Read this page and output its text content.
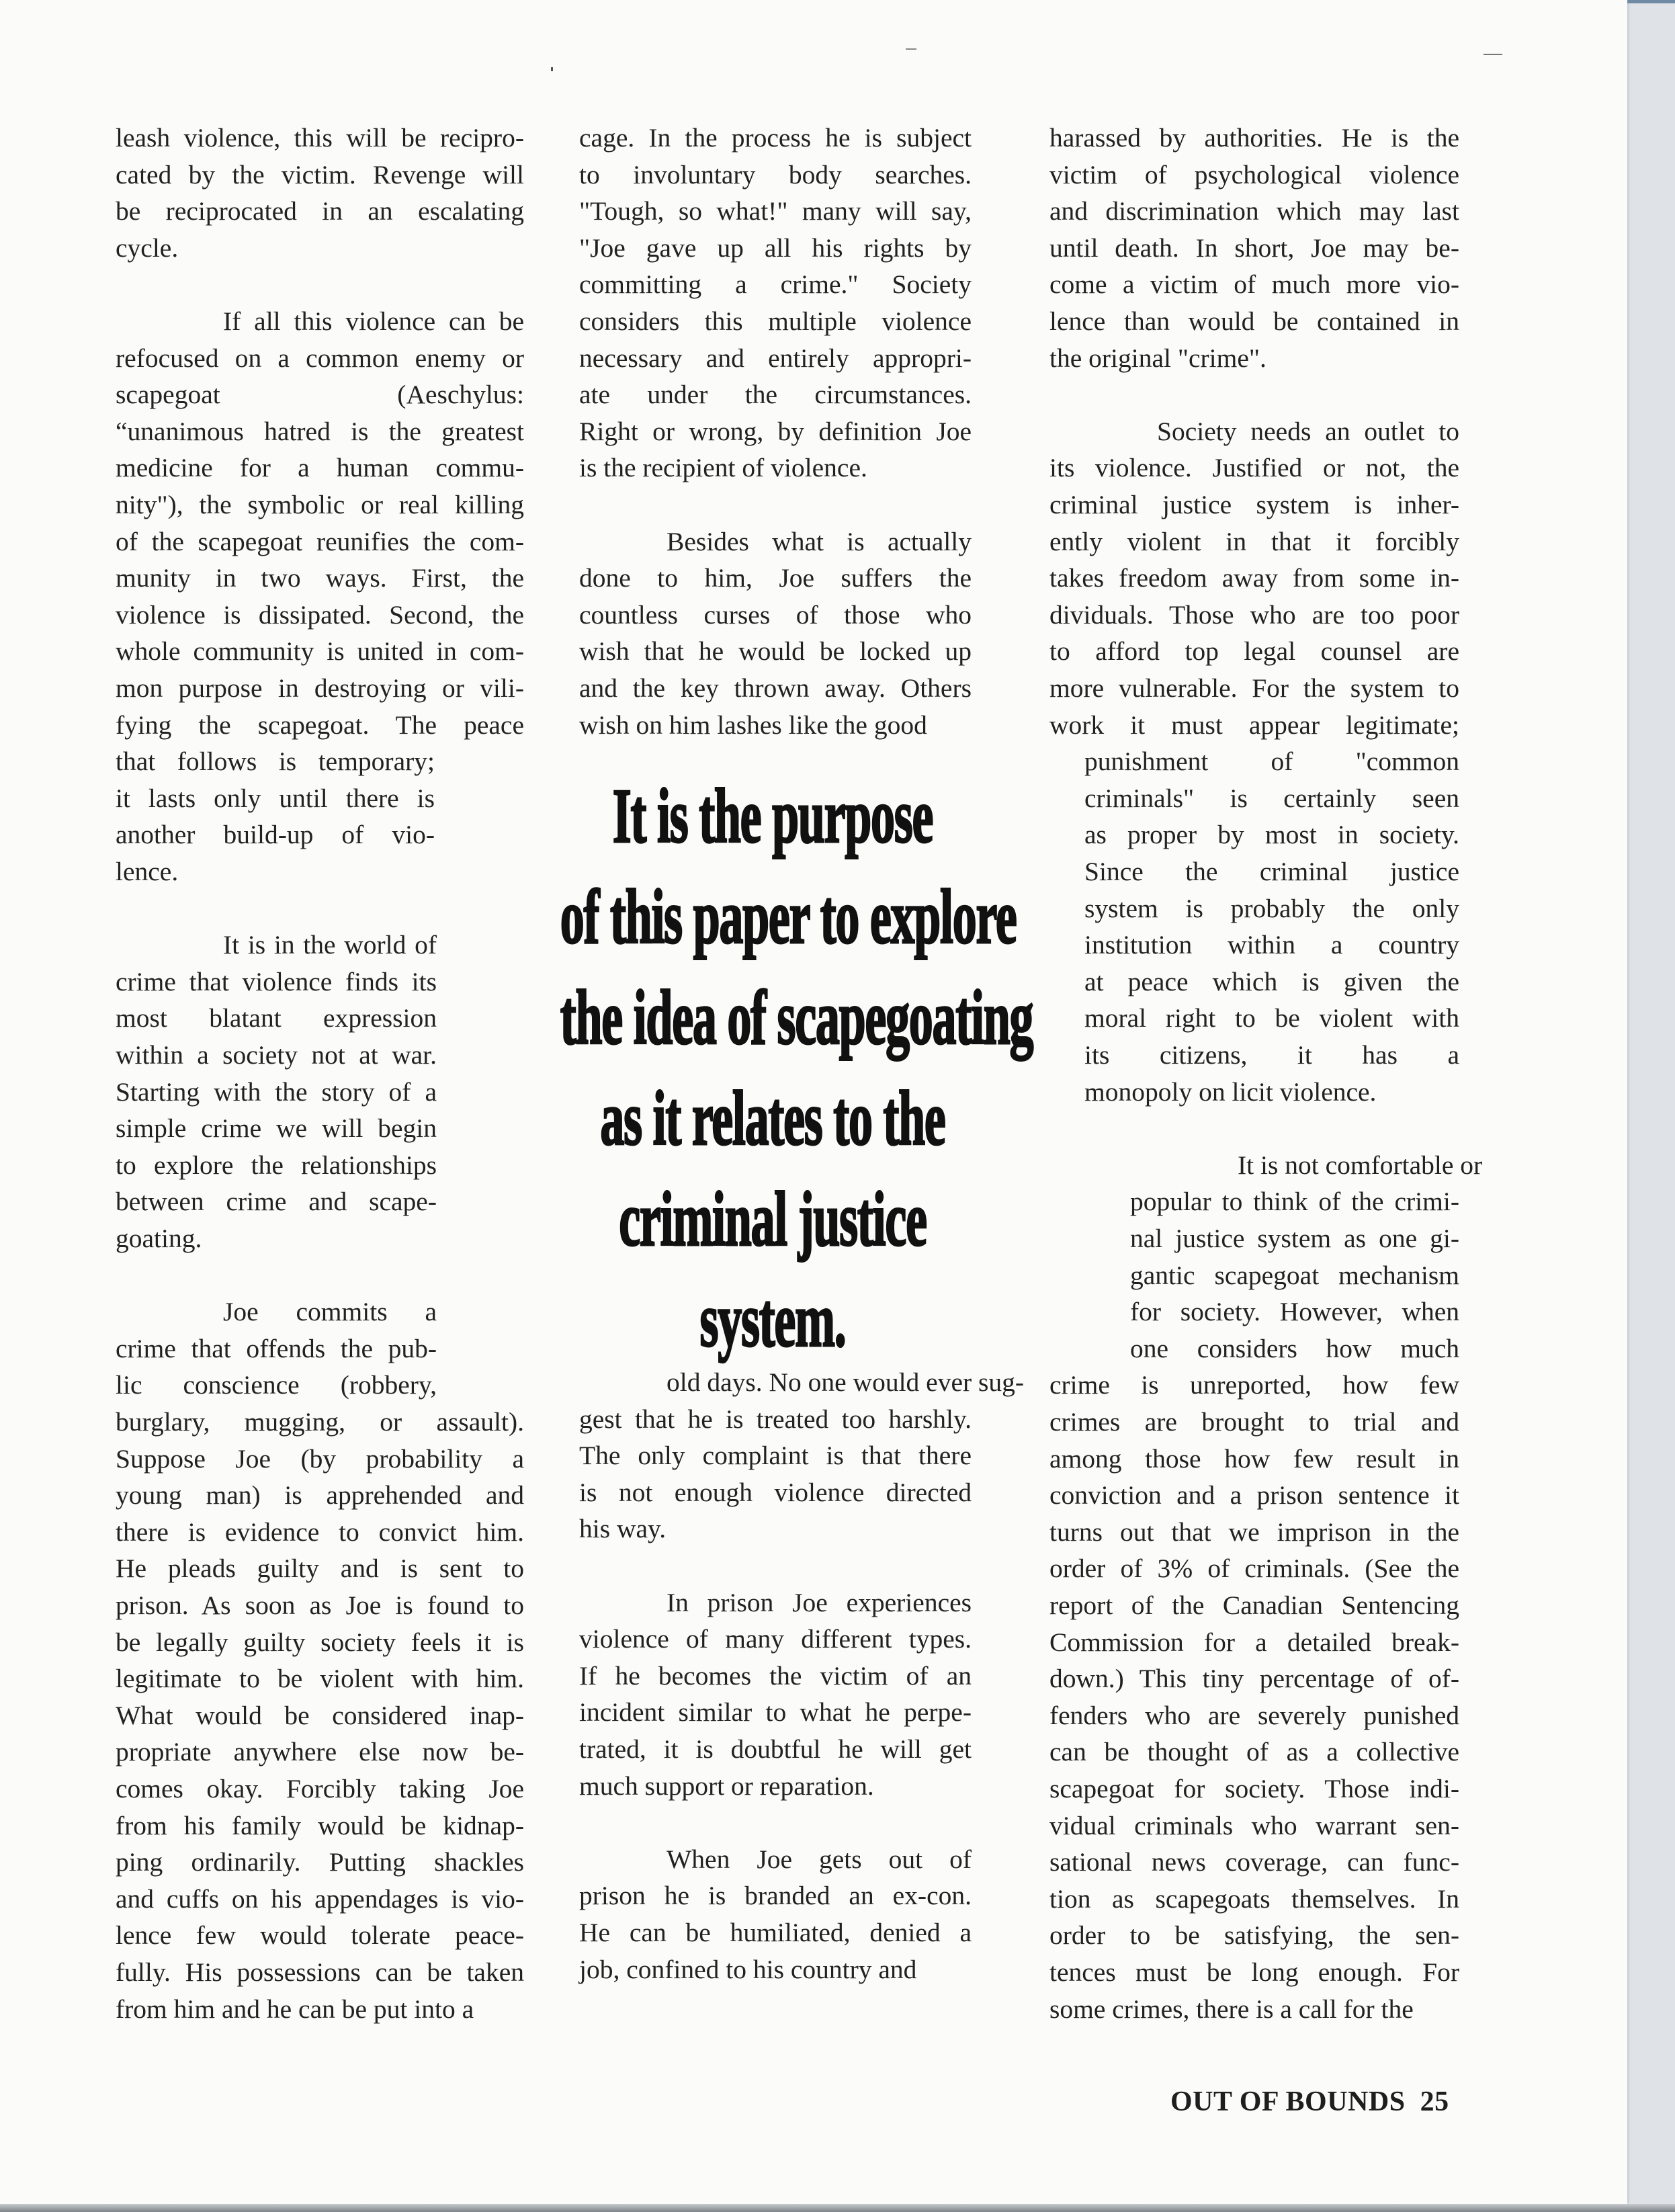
leash violence, this will be recipro-
cated by the victim. Revenge will
be reciprocated in an escalating
cycle.
If all this violence can be
refocused on a common enemy or
scapegoat (Aeschylus:
“unanimous hatred is the greatest
medicine for a human commu-
nity"), the symbolic or real killing
of the scapegoat reunifies the com-
munity in two ways. First, the
violence is dissipated. Second, the
whole community is united in com-
mon purpose in destroying or vili-
fying the scapegoat. The peace
that follows is temporary;
it lasts only until there is
another build-up of vio-
lence.
It is in the world of
crime that violence finds its
most blatant expression
within a society not at war.
Starting with the story of a
simple crime we will begin
to explore the relationships
between crime and scape-
goating.
Joe commits a
crime that offends the pub-
lic conscience (robbery,
burglary, mugging, or assault).
Suppose Joe (by probability a
young man) is apprehended and
there is evidence to convict him.
He pleads guilty and is sent to
prison. As soon as Joe is found to
be legally guilty society feels it is
legitimate to be violent with him.
What would be considered inap-
propriate anywhere else now be-
comes okay. Forcibly taking Joe
from his family would be kidnap-
ping ordinarily. Putting shackles
and cuffs on his appendages is vio-
lence few would tolerate peace-
fully. His possessions can be taken
from him and he can be put into a
cage. In the process he is subject
to involuntary body searches.
"Tough, so what!" many will say,
"Joe gave up all his rights by
committing a crime." Society
considers this multiple violence
necessary and entirely appropri-
ate under the circumstances.
Right or wrong, by definition Joe
is the recipient of violence.
Besides what is actually
done to him, Joe suffers the
countless curses of those who
wish that he would be locked up
and the key thrown away. Others
wish on him lashes like the good
old days. No one would ever sug-
gest that he is treated too harshly.
The only complaint is that there
is not enough violence directed
his way.
In prison Joe experiences
violence of many different types.
If he becomes the victim of an
incident similar to what he perpe-
trated, it is doubtful he will get
much support or reparation.
When Joe gets out of
prison he is branded an ex-con.
He can be humiliated, denied a
job, confined to his country and
harassed by authorities. He is the
victim of psychological violence
and discrimination which may last
until death. In short, Joe may be-
come a victim of much more vio-
lence than would be contained in
the original "crime".
Society needs an outlet to
its violence. Justified or not, the
criminal justice system is inher-
ently violent in that it forcibly
takes freedom away from some in-
dividuals. Those who are too poor
to afford top legal counsel are
more vulnerable. For the system to
work it must appear legitimate;
punishment of "common
criminals" is certainly seen
as proper by most in society.
Since the criminal justice
system is probably the only
institution within a country
at peace which is given the
moral right to be violent with
its citizens, it has a
monopoly on licit violence.
It is not comfortable or
popular to think of the crimi-
nal justice system as one gi-
gantic scapegoat mechanism
for society. However, when
one considers how much
crime is unreported, how few
crimes are brought to trial and
among those how few result in
conviction and a prison sentence it
turns out that we imprison in the
order of 3% of criminals. (See the
report of the Canadian Sentencing
Commission for a detailed break-
down.) This tiny percentage of of-
fenders who are severely punished
can be thought of as a collective
scapegoat for society. Those indi-
vidual criminals who warrant sen-
sational news coverage, can func-
tion as scapegoats themselves. In
order to be satisfying, the sen-
tences must be long enough. For
some crimes, there is a call for the
It is the purpose
of this paper to explore
the idea of scapegoating
as it relates to the
criminal justice
system.
OUT OF BOUNDS 25
